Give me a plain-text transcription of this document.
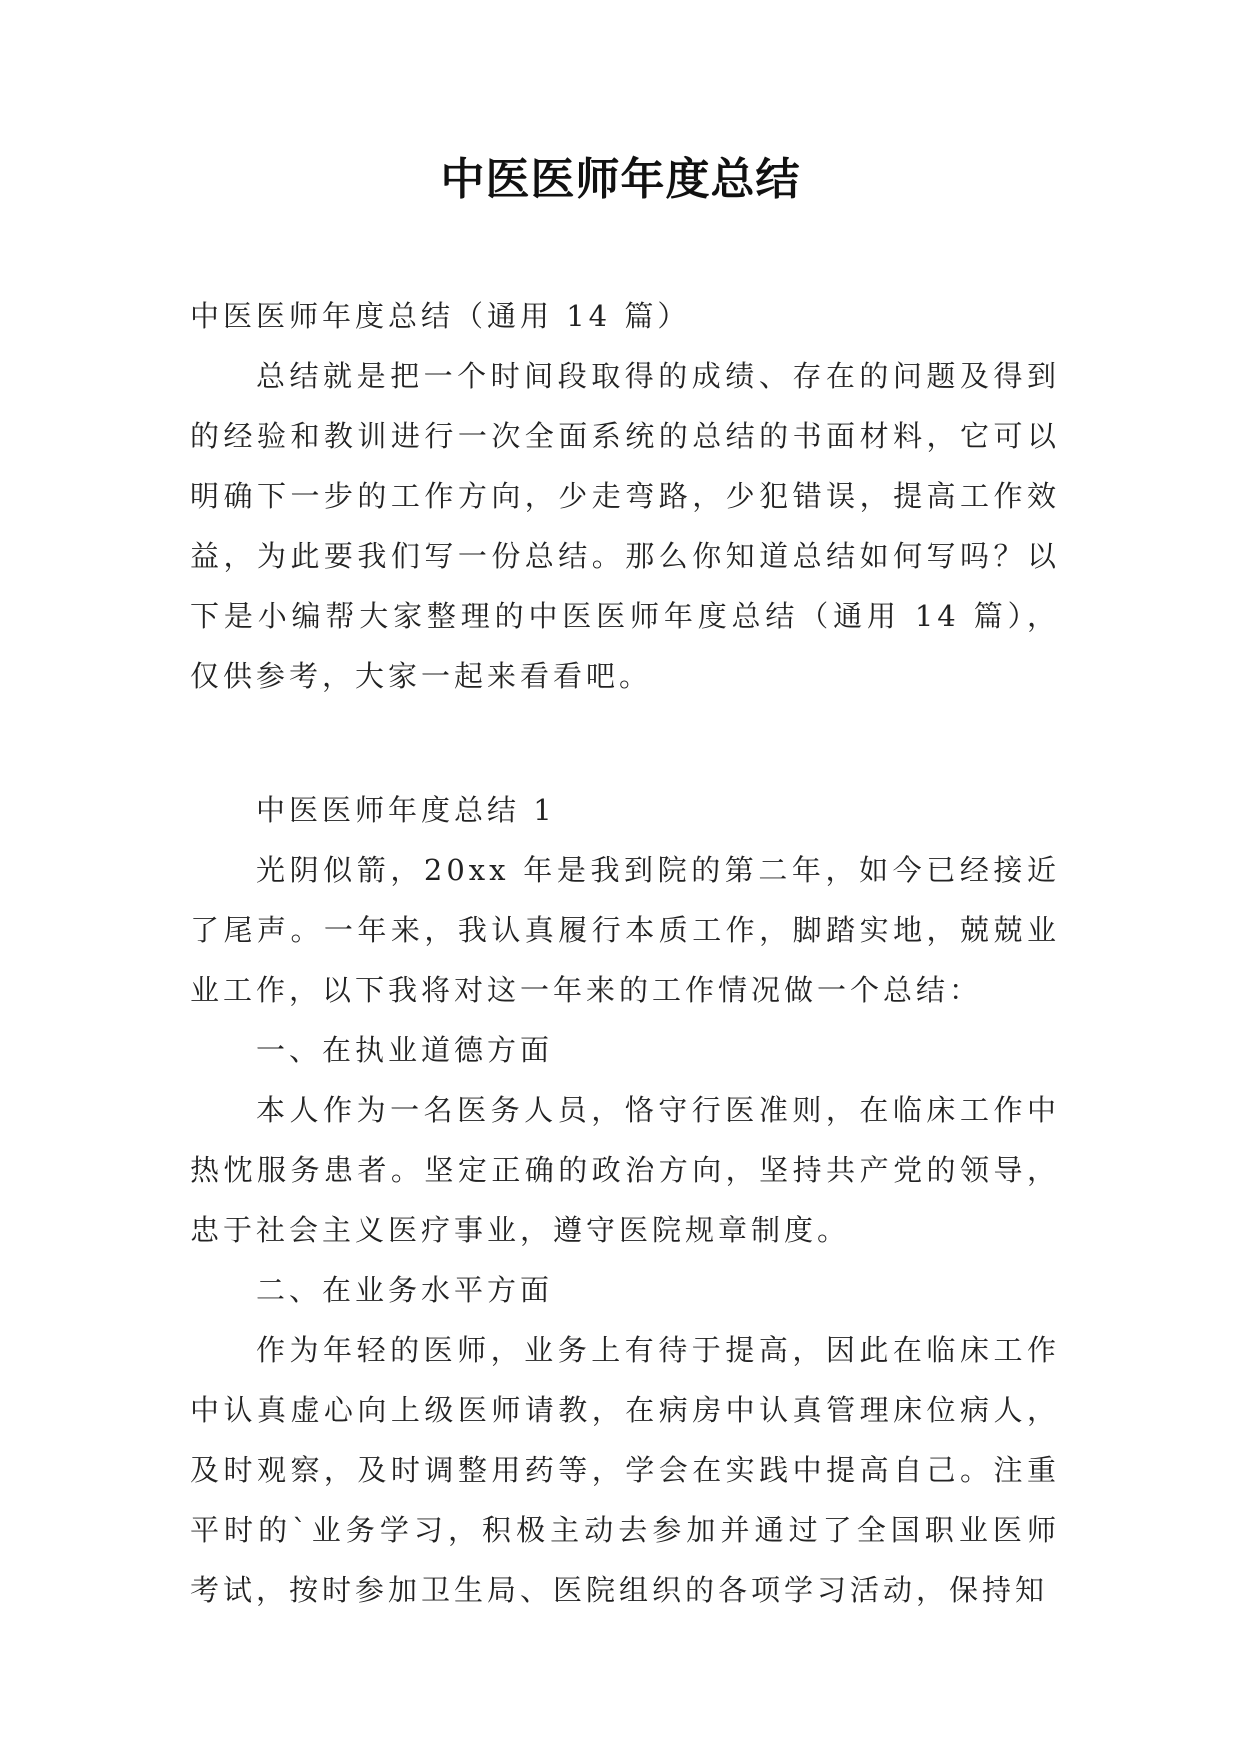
中医医师年度总结

中医医师年度总结（通用 14 篇）

总结就是把一个时间段取得的成绩、存在的问题及得到的经验和教训进行一次全面系统的总结的书面材料，它可以明确下一步的工作方向，少走弯路，少犯错误，提高工作效益，为此要我们写一份总结。那么你知道总结如何写吗？以下是小编帮大家整理的中医医师年度总结（通用 14 篇），仅供参考，大家一起来看看吧。

中医医师年度总结 1

光阴似箭，20xx 年是我到院的第二年，如今已经接近了尾声。一年来，我认真履行本质工作，脚踏实地，兢兢业业工作，以下我将对这一年来的工作情况做一个总结：

一、在执业道德方面

本人作为一名医务人员，恪守行医准则，在临床工作中热忱服务患者。坚定正确的政治方向，坚持共产党的领导，忠于社会主义医疗事业，遵守医院规章制度。

二、在业务水平方面

作为年轻的医师，业务上有待于提高，因此在临床工作中认真虚心向上级医师请教，在病房中认真管理床位病人，及时观察，及时调整用药等，学会在实践中提高自己。注重平时的`业务学习，积极主动去参加并通过了全国职业医师考试，按时参加卫生局、医院组织的各项学习活动，保持知
